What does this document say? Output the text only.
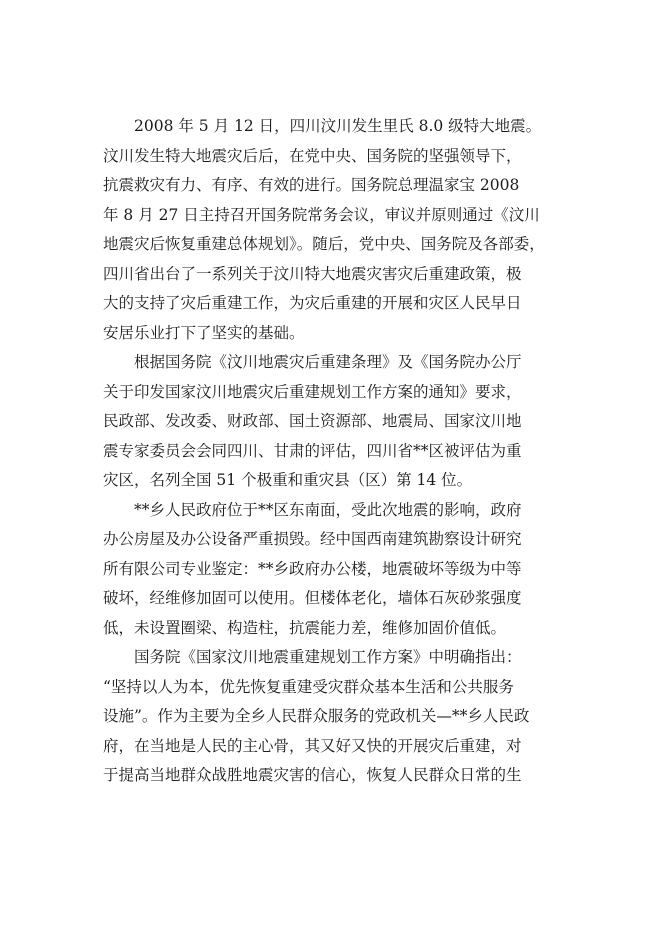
2008 年 5 月 12 日，四川汶川发生里氏 8.0 级特大地震。
汶川发生特大地震灾后后，在党中央、国务院的坚强领导下，
抗震救灾有力、有序、有效的进行。国务院总理温家宝 2008
年 8 月 27 日主持召开国务院常务会议，审议并原则通过《汶川
地震灾后恢复重建总体规划》。随后，党中央、国务院及各部委，
四川省出台了一系列关于汶川特大地震灾害灾后重建政策，极
大的支持了灾后重建工作，为灾后重建的开展和灾区人民早日
安居乐业打下了坚实的基础。
根据国务院《汶川地震灾后重建条理》及《国务院办公厅
关于印发国家汶川地震灾后重建规划工作方案的通知》要求，
民政部、发改委、财政部、国土资源部、地震局、国家汶川地
震专家委员会会同四川、甘肃的评估，四川省**区被评估为重
灾区，名列全国 51 个极重和重灾县（区）第 14 位。
**乡人民政府位于**区东南面，受此次地震的影响，政府
办公房屋及办公设备严重损毁。经中国西南建筑勘察设计研究
所有限公司专业鉴定：**乡政府办公楼，地震破坏等级为中等
破坏，经维修加固可以使用。但楼体老化，墙体石灰砂浆强度
低，未设置圈梁、构造柱，抗震能力差，维修加固价值低。
国务院《国家汶川地震重建规划工作方案》中明确指出：
“坚持以人为本，优先恢复重建受灾群众基本生活和公共服务
设施”。作为主要为全乡人民群众服务的党政机关—**乡人民政
府，在当地是人民的主心骨，其又好又快的开展灾后重建，对
于提高当地群众战胜地震灾害的信心，恢复人民群众日常的生
